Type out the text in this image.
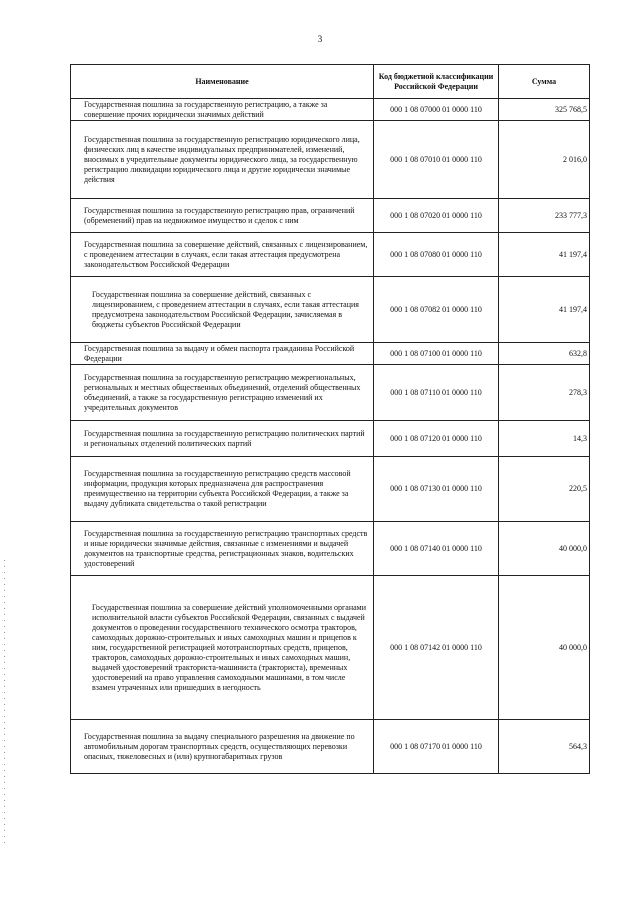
3
Наименование	Код бюджетной классификации Российской Федерации	Сумма
Государственная пошлина за государственную регистрацию, а также за совершение прочих юридически значимых действий	000 1 08 07000 01 0000 110	325 768,5
Государственная пошлина за государственную регистрацию юридического лица, физических лиц в качестве индивидуальных предпринимателей, изменений, вносимых в учредительные документы юридического лица, за государственную регистрацию ликвидации юридического лица и другие юридически значимые действия	000 1 08 07010 01 0000 110	2 016,0
Государственная пошлина за государственную регистрацию прав, ограничений (обременений) прав на недвижимое имущество и сделок с ним	000 1 08 07020 01 0000 110	233 777,3
Государственная пошлина за совершение действий, связанных с лицензированием, с проведением аттестации в случаях, если такая аттестация предусмотрена законодательством Российской Федерации	000 1 08 07080 01 0000 110	41 197,4
Государственная пошлина за совершение действий, связанных с лицензированием, с проведением аттестации в случаях, если такая аттестация предусмотрена законодательством Российской Федерации, зачисляемая в бюджеты субъектов Российской Федерации	000 1 08 07082 01 0000 110	41 197,4
Государственная пошлина за выдачу и обмен паспорта гражданина Российской Федерации	000 1 08 07100 01 0000 110	632,8
Государственная пошлина за государственную регистрацию межрегиональных, региональных и местных общественных объединений, отделений общественных объединений, а также за государственную регистрацию изменений их учредительных документов	000 1 08 07110 01 0000 110	278,3
Государственная пошлина за государственную регистрацию политических партий и региональных отделений политических партий	000 1 08 07120 01 0000 110	14,3
Государственная пошлина за государственную регистрацию средств массовой информации, продукция которых предназначена для распространения преимущественно на территории субъекта Российской Федерации, а также за выдачу дубликата свидетельства о такой регистрации	000 1 08 07130 01 0000 110	220,5
Государственная пошлина за государственную регистрацию транспортных средств и иные юридически значимые действия, связанные с изменениями и выдачей документов на транспортные средства, регистрационных знаков, водительских удостоверений	000 1 08 07140 01 0000 110	40 000,0
Государственная пошлина за совершение действий уполномоченными органами исполнительной власти субъектов Российской Федерации, связанных с выдачей документов о проведении государственного технического осмотра тракторов, самоходных дорожно-строительных и иных самоходных машин и прицепов к ним, государственной регистрацией мототранспортных средств, прицепов, тракторов, самоходных дорожно-строительных и иных самоходных машин, выдачей удостоверений тракториста-машиниста (тракториста), временных удостоверений на право управления самоходными машинами, в том числе взамен утраченных или пришедших в негодность	000 1 08 07142 01 0000 110	40 000,0
Государственная пошлина за выдачу специального разрешения на движение по автомобильным дорогам транспортных средств, осуществляющих перевозки опасных, тяжеловесных и (или) крупногабаритных грузов	000 1 08 07170 01 0000 110	564,3
